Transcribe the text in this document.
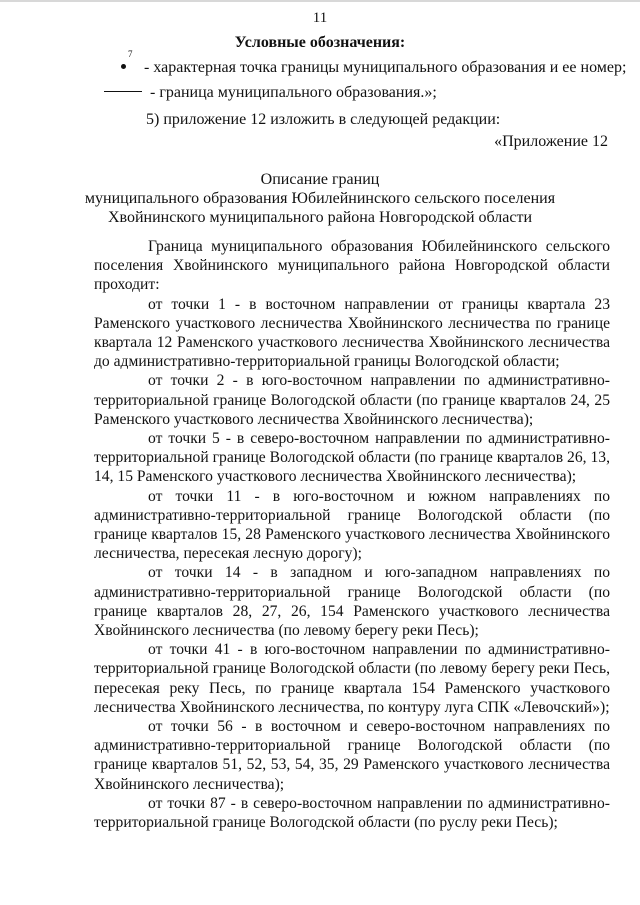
11
Условные обозначения:
7
- характерная точка границы муниципального образования и ее номер;
- граница муниципального образования.»;
5) приложение 12 изложить в следующей редакции:
«Приложение 12
Описание границ
муниципального образования Юбилейнинского сельского поселения
Хвойнинского муниципального района Новгородской области

Граница муниципального образования Юбилейнинского сельского поселения Хвойнинского муниципального района Новгородской области проходит:

от точки 1 - в восточном направлении от границы квартала 23 Раменского участкового лесничества Хвойнинского лесничества по границе квартала 12 Раменского участкового лесничества Хвойнинского лесничества до административно-территориальной границы Вологодской области;

от точки 2 - в юго-восточном направлении по административно-территориальной границе Вологодской области (по границе кварталов 24, 25 Раменского участкового лесничества Хвойнинского лесничества);

от точки 5 - в северо-восточном направлении по административно-территориальной границе Вологодской области (по границе кварталов 26, 13, 14, 15 Раменского участкового лесничества Хвойнинского лесничества);

от точки 11 - в юго-восточном и южном направлениях по административно-территориальной границе Вологодской области (по границе кварталов 15, 28 Раменского участкового лесничества Хвойнинского лесничества, пересекая лесную дорогу);

от точки 14 - в западном и юго-западном направлениях по административно-территориальной границе Вологодской области (по границе кварталов 28, 27, 26, 154 Раменского участкового лесничества Хвойнинского лесничества (по левому берегу реки Песь);

от точки 41 - в юго-восточном направлении по административно-территориальной границе Вологодской области (по левому берегу реки Песь, пересекая реку Песь, по границе квартала 154 Раменского участкового лесничества Хвойнинского лесничества, по контуру луга СПК «Левочский»);

от точки 56 - в восточном и северо-восточном направлениях по административно-территориальной границе Вологодской области (по границе кварталов 51, 52, 53, 54, 35, 29 Раменского участкового лесничества Хвойнинского лесничества);

от точки 87 - в северо-восточном направлении по административно-территориальной границе Вологодской области (по руслу реки Песь);
